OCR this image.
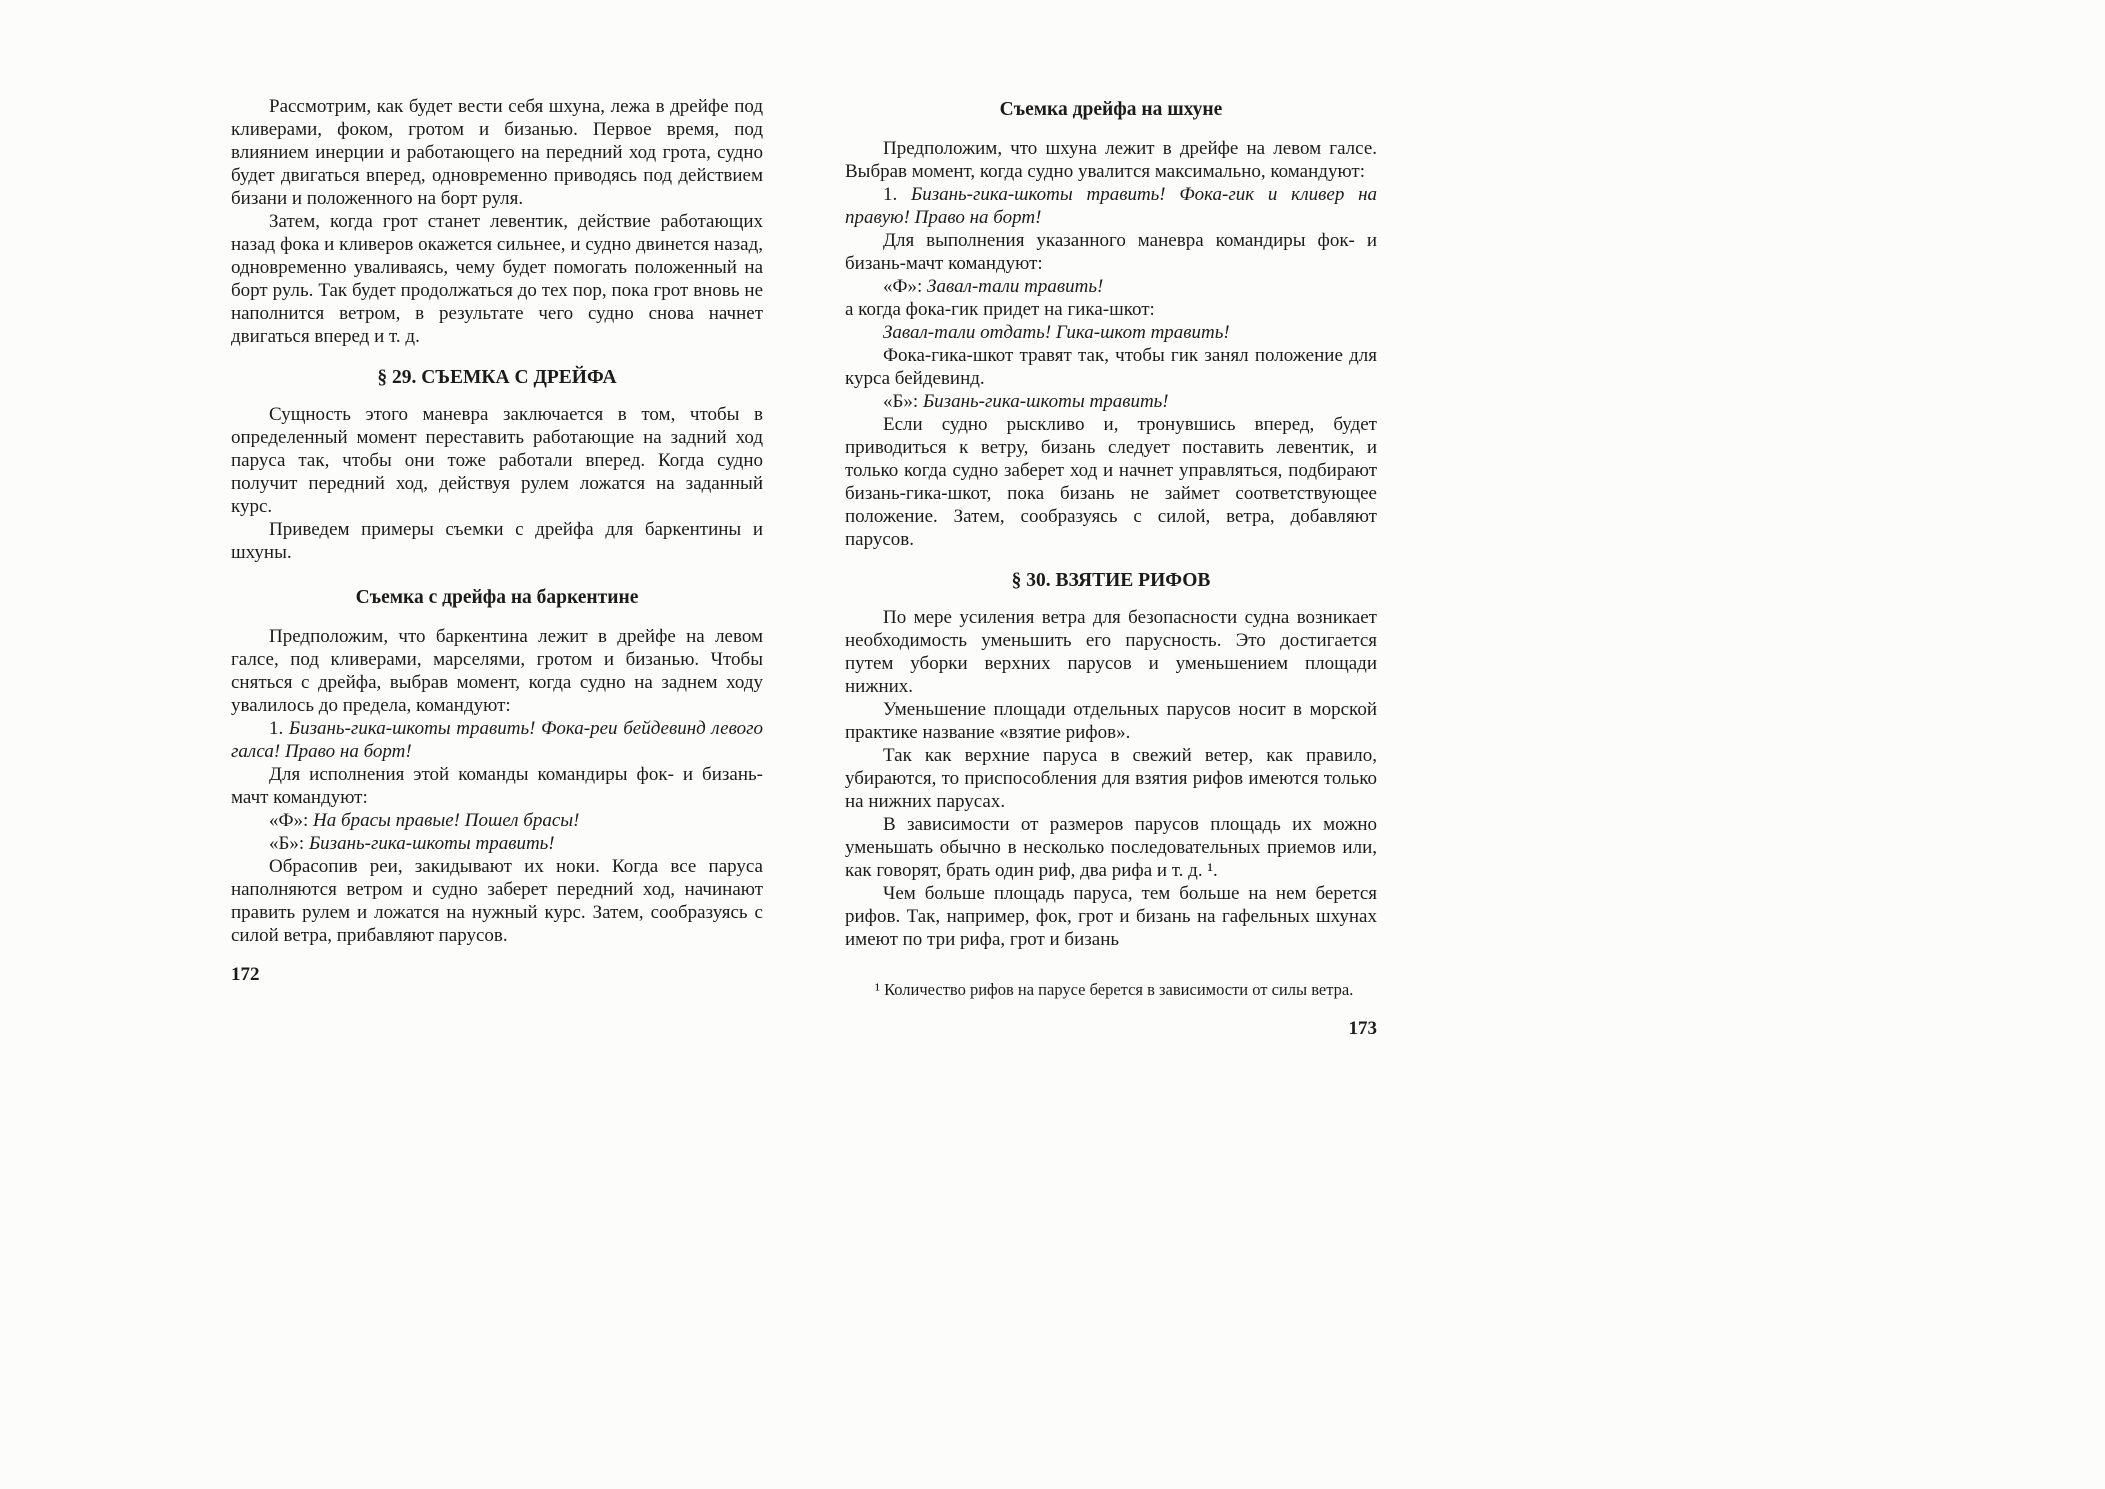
Рассмотрим, как будет вести себя шхуна, лежа в дрейфе под кливерами, фоком, гротом и бизанью. Первое время, под влиянием инерции и работающего на передний ход грота, судно будет двигаться вперед, одновременно приводясь под действием бизани и положенного на борт руля.

Затем, когда грот станет левентик, действие работающих назад фока и кливеров окажется сильнее, и судно двинется назад, одновременно уваливаясь, чему будет помогать положенный на борт руль. Так будет продолжаться до тех пор, пока грот вновь не наполнится ветром, в результате чего судно снова начнет двигаться вперед и т. д.

§ 29. СЪЕМКА С ДРЕЙФА

Сущность этого маневра заключается в том, чтобы в определенный момент переставить работающие на задний ход паруса так, чтобы они тоже работали вперед. Когда судно получит передний ход, действуя рулем ложатся на заданный курс.

Приведем примеры съемки с дрейфа для баркентины и шхуны.

Съемка с дрейфа на баркентине

Предположим, что баркентина лежит в дрейфе на левом галсе, под кливерами, марселями, гротом и бизанью. Чтобы сняться с дрейфа, выбрав момент, когда судно на заднем ходу увалилось до предела, командуют:

1. Бизань-гика-шкоты травить! Фока-реи бейдевинд левого галса! Право на борт!

Для исполнения этой команды командиры фок- и бизань-мачт командуют:

«Ф»: На брасы правые! Пошел брасы!

«Б»: Бизань-гика-шкоты травить!

Обрасопив реи, закидывают их ноки. Когда все паруса наполняются ветром и судно заберет передний ход, начинают править рулем и ложатся на нужный курс. Затем, сообразуясь с силой ветра, прибавляют парусов.

172

Съемка дрейфа на шхуне

Предположим, что шхуна лежит в дрейфе на левом галсе. Выбрав момент, когда судно увалится максимально, командуют:

1. Бизань-гика-шкоты травить! Фока-гик и кливер на правую! Право на борт!

Для выполнения указанного маневра командиры фок- и бизань-мачт командуют:

«Ф»: Завал-тали травить!

а когда фока-гик придет на гика-шкот:

Завал-тали отдать! Гика-шкот травить!

Фока-гика-шкот травят так, чтобы гик занял положение для курса бейдевинд.

«Б»: Бизань-гика-шкоты травить!

Если судно рыскливо и, тронувшись вперед, будет приводиться к ветру, бизань следует поставить левентик, и только когда судно заберет ход и начнет управляться, подбирают бизань-гика-шкот, пока бизань не займет соответствующее положение. Затем, сообразуясь с силой, ветра, добавляют парусов.

§ 30. ВЗЯТИЕ РИФОВ

По мере усиления ветра для безопасности судна возникает необходимость уменьшить его парусность. Это достигается путем уборки верхних парусов и уменьшением площади нижних.

Уменьшение площади отдельных парусов носит в морской практике название «взятие рифов».

Так как верхние паруса в свежий ветер, как правило, убираются, то приспособления для взятия рифов имеются только на нижних парусах.

В зависимости от размеров парусов площадь их можно уменьшать обычно в несколько последовательных приемов или, как говорят, брать один риф, два рифа и т. д. ¹.

Чем больше площадь паруса, тем больше на нем берется рифов. Так, например, фок, грот и бизань на гафельных шхунах имеют по три рифа, грот и бизань

¹ Количество рифов на парусе берется в зависимости от силы ветра.

173
